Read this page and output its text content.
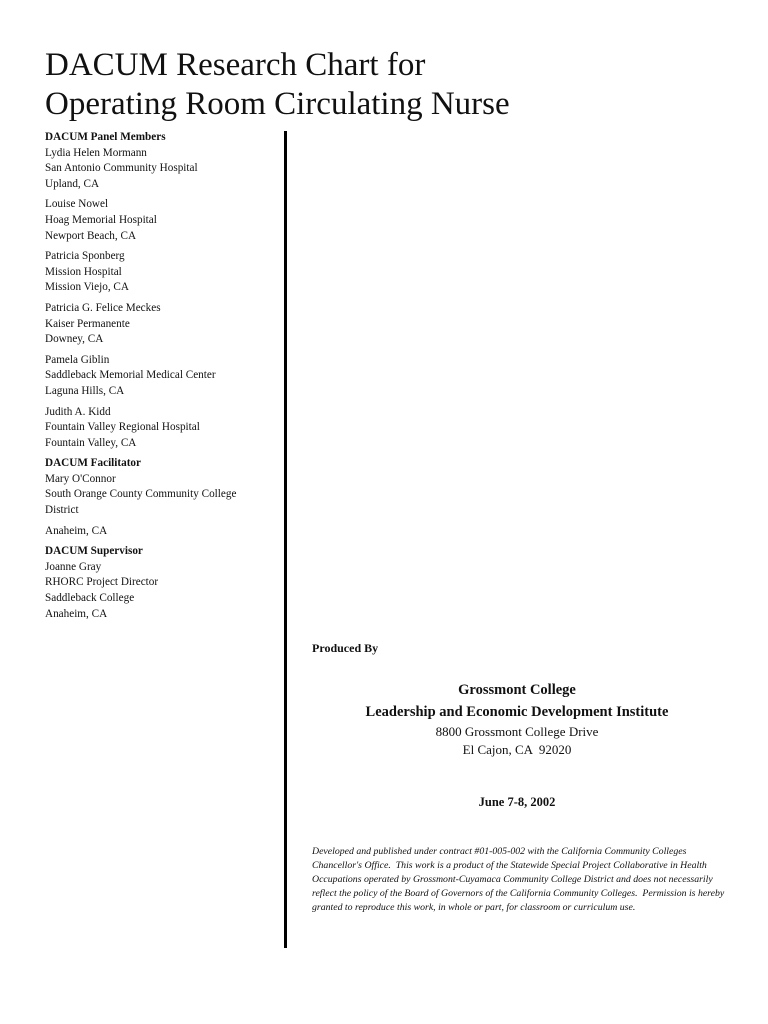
DACUM Research Chart for
Operating Room Circulating Nurse
DACUM Panel Members
Lydia Helen Mormann
San Antonio Community Hospital
Upland, CA
Louise Nowel
Hoag Memorial Hospital
Newport Beach, CA
Patricia Sponberg
Mission Hospital
Mission Viejo, CA
Patricia G. Felice Meckes
Kaiser Permanente
Downey, CA
Pamela Giblin
Saddleback Memorial Medical Center
Laguna Hills, CA
Judith A. Kidd
Fountain Valley Regional Hospital
Fountain Valley, CA
DACUM Facilitator
Mary O'Connor
South Orange County Community College
District
Anaheim, CA
DACUM Supervisor
Joanne Gray
RHORC Project Director
Saddleback College
Anaheim, CA
Produced By
Grossmont College
Leadership and Economic Development Institute
8800 Grossmont College Drive
El Cajon, CA  92020
June 7-8, 2002
Developed and published under contract #01-005-002 with the California Community Colleges Chancellor's Office.  This work is a product of the Statewide Special Project Collaborative in Health Occupations operated by Grossmont-Cuyamaca Community College District and does not necessarily reflect the policy of the Board of Governors of the California Community Colleges.  Permission is hereby granted to reproduce this work, in whole or part, for classroom or curriculum use.
